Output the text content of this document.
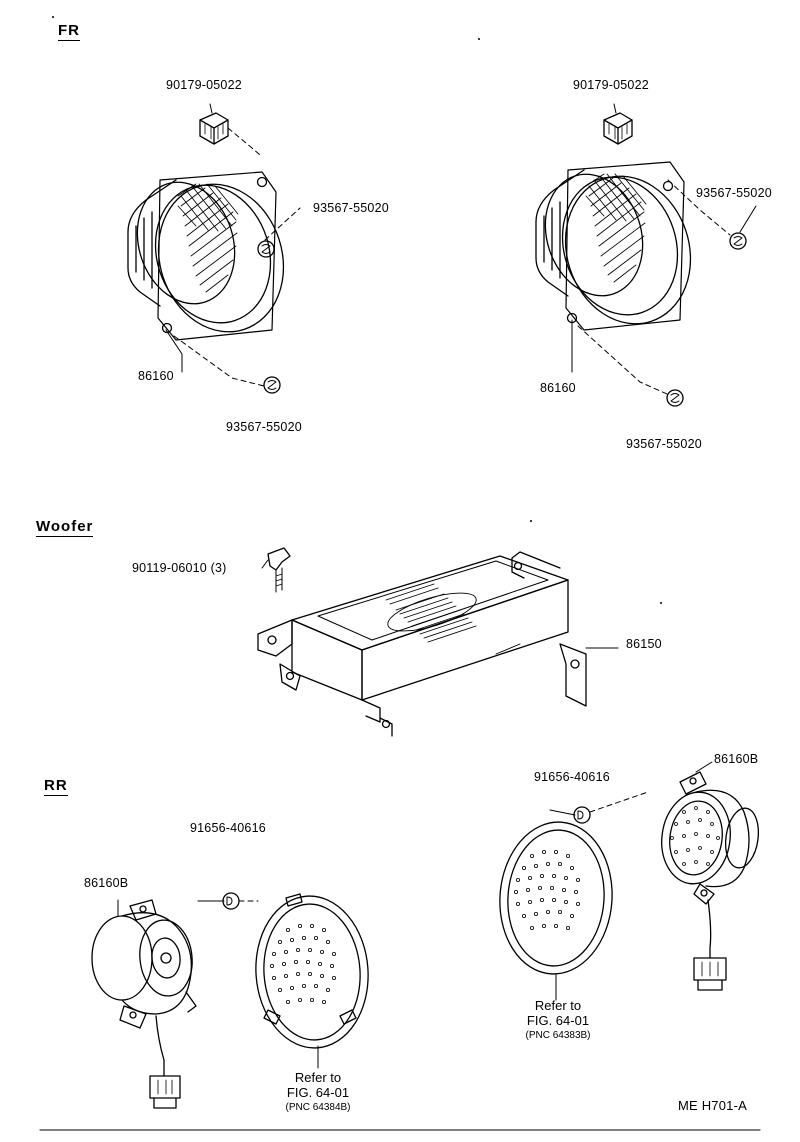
FR
Woofer
RR
90179-05022
93567-55020
86160
93567-55020
90179-05022
93567-55020
86160
93567-55020
90119-06010 (3)
86150
91656-40616
86160B
Refer to
FIG. 64-01
(PNC 64384B)
91656-40616
86160B
Refer to
FIG. 64-01
(PNC 64383B)
ME H701-A
